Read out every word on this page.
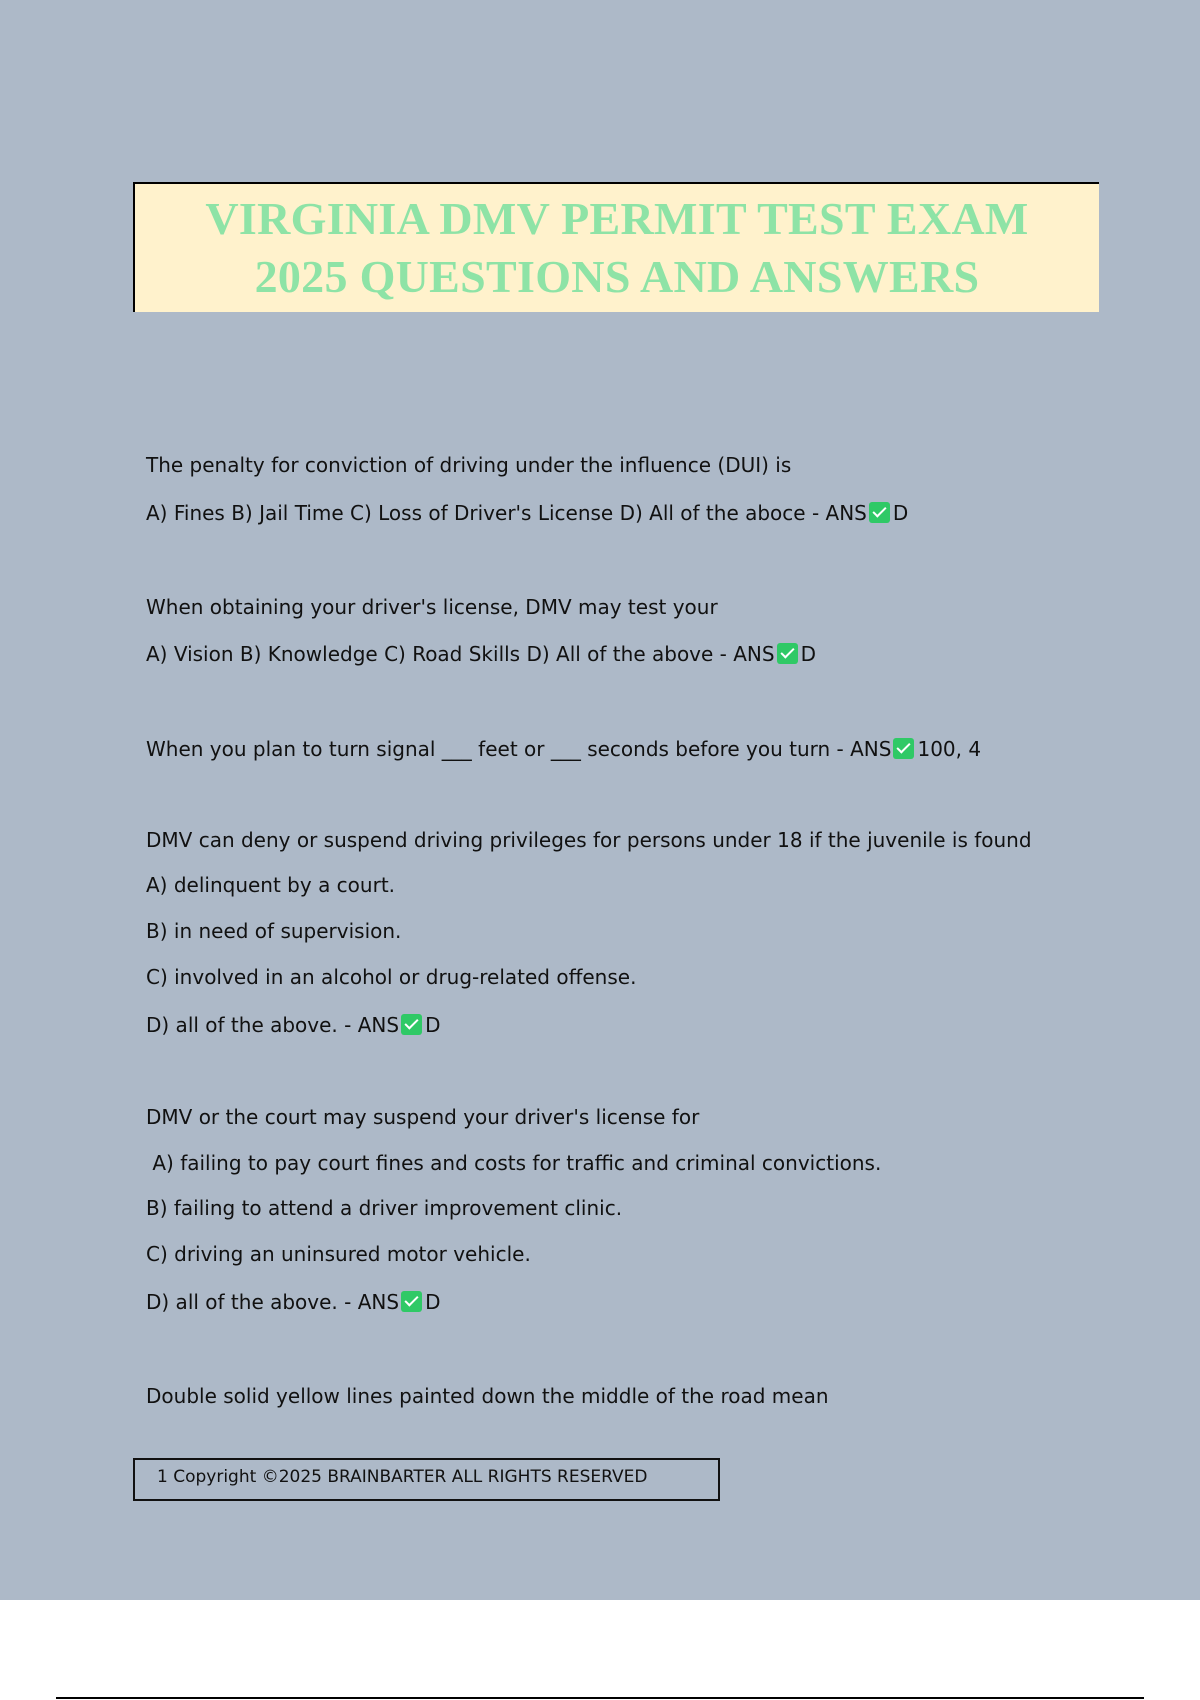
VIRGINIA DMV PERMIT TEST EXAM
2025 QUESTIONS AND ANSWERS
The penalty for conviction of driving under the influence (DUI) is
A) Fines B) Jail Time C) Loss of Driver's License D) All of the aboce - ANS D
When obtaining your driver's license, DMV may test your
A) Vision B) Knowledge C) Road Skills D) All of the above - ANS D
When you plan to turn signal ___ feet or ___ seconds before you turn - ANS 100, 4
DMV can deny or suspend driving privileges for persons under 18 if the juvenile is found
A) delinquent by a court.
B) in need of supervision.
C) involved in an alcohol or drug-related offense.
D) all of the above. - ANS D
DMV or the court may suspend your driver's license for
A) failing to pay court fines and costs for traffic and criminal convictions.
B) failing to attend a driver improvement clinic.
C) driving an uninsured motor vehicle.
D) all of the above. - ANS D
Double solid yellow lines painted down the middle of the road mean
1 Copyright ©2025 BRAINBARTER ALL RIGHTS RESERVED
